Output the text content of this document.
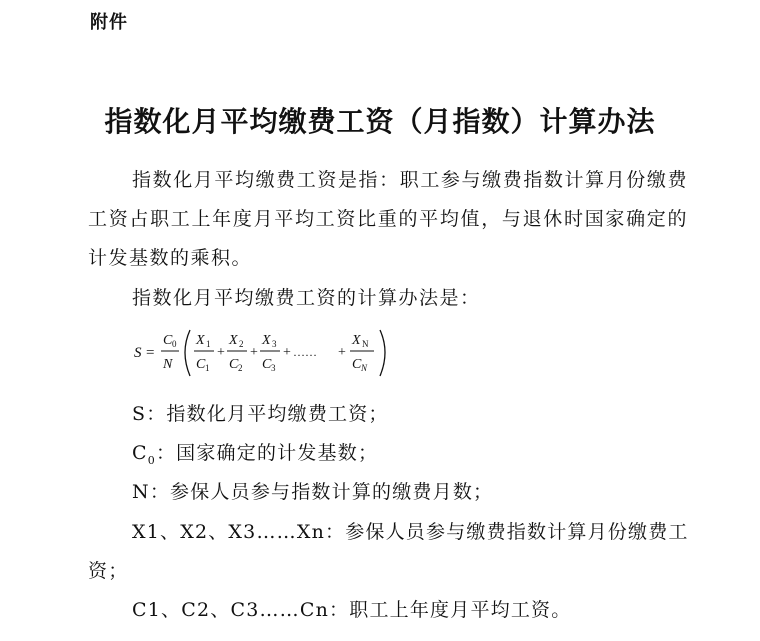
附件
指数化月平均缴费工资（月指数）计算办法
指数化月平均缴费工资是指：职工参与缴费指数计算月份缴费工资占职工上年度月平均工资比重的平均值，与退休时国家确定的计发基数的乘积。
指数化月平均缴费工资的计算办法是：
S =
C 0
N
X 1
C 1
+
X 2
C 2
+
X 3
C 3
+ …… +
X N
C N
S：指数化月平均缴费工资；
$C_0$：国家确定的计发基数；
N：参保人员参与指数计算的缴费月数；
X1、X2、X3……Xn：参保人员参与缴费指数计算月份缴费工资；
C1、C2、C3……Cn：职工上年度月平均工资。
